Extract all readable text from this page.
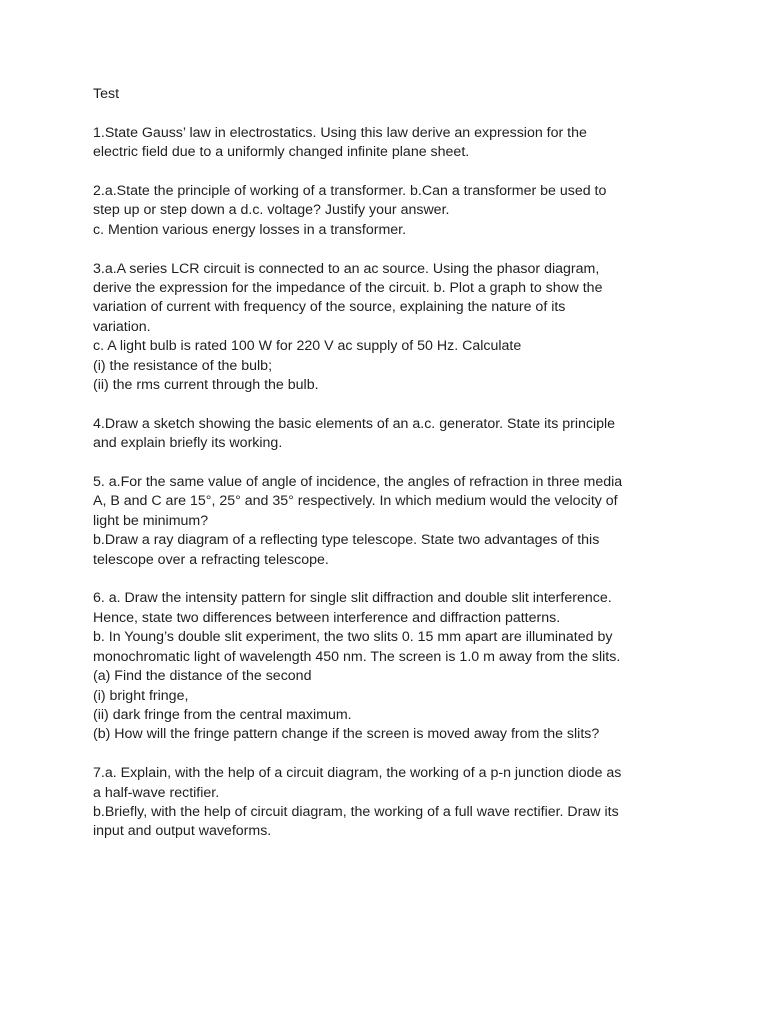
Test
1.State Gauss’ law in electrostatics. Using this law derive an expression for the
electric field due to a uniformly changed infinite plane sheet.
2.a.State the principle of working of a transformer. b.Can a transformer be used to
step up or step down a d.c. voltage? Justify your answer.
c. Mention various energy losses in a transformer.
3.a.A series LCR circuit is connected to an ac source. Using the phasor diagram,
derive the expression for the impedance of the circuit. b. Plot a graph to show the
variation of current with frequency of the source, explaining the nature of its
variation.
c. A light bulb is rated 100 W for 220 V ac supply of 50 Hz. Calculate
(i) the resistance of the bulb;
(ii) the rms current through the bulb.
4.Draw a sketch showing the basic elements of an a.c. generator. State its principle
and explain briefly its working.
5. a.For the same value of angle of incidence, the angles of refraction in three media
A, B and C are 15°, 25° and 35° respectively. In which medium would the velocity of
light be minimum?
b.Draw a ray diagram of a reflecting type telescope. State two advantages of this
telescope over a refracting telescope.
6. a. Draw the intensity pattern for single slit diffraction and double slit interference.
Hence, state two differences between interference and diffraction patterns.
b. In Young’s double slit experiment, the two slits 0. 15 mm apart are illuminated by
monochromatic light of wavelength 450 nm. The screen is 1.0 m away from the slits.
(a) Find the distance of the second
(i) bright fringe,
(ii) dark fringe from the central maximum.
(b) How will the fringe pattern change if the screen is moved away from the slits?
7.a. Explain, with the help of a circuit diagram, the working of a p-n junction diode as
a half-wave rectifier.
b.Briefly, with the help of circuit diagram, the working of a full wave rectifier. Draw its
input and output waveforms.
